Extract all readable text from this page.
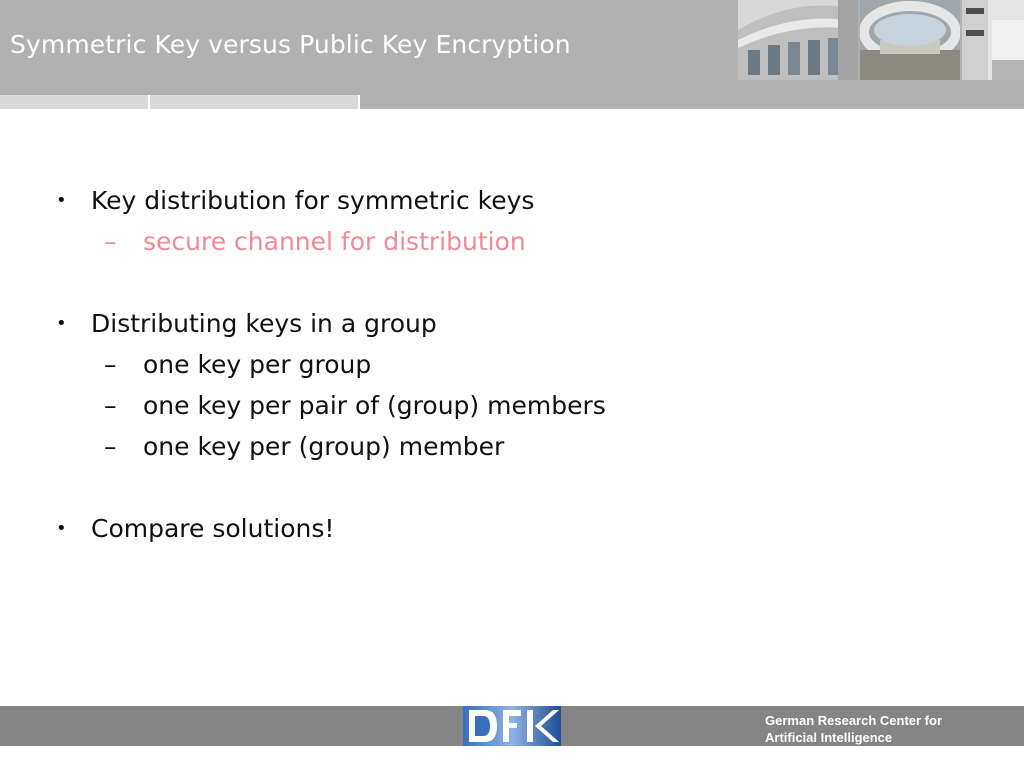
Symmetric Key versus Public Key Encryption
• Key distribution for symmetric keys
– secure channel for distribution
• Distributing keys in a group
– one key per group
– one key per pair of (group) members
– one key per (group) member
• Compare solutions!
German Research Center for
Artificial Intelligence
